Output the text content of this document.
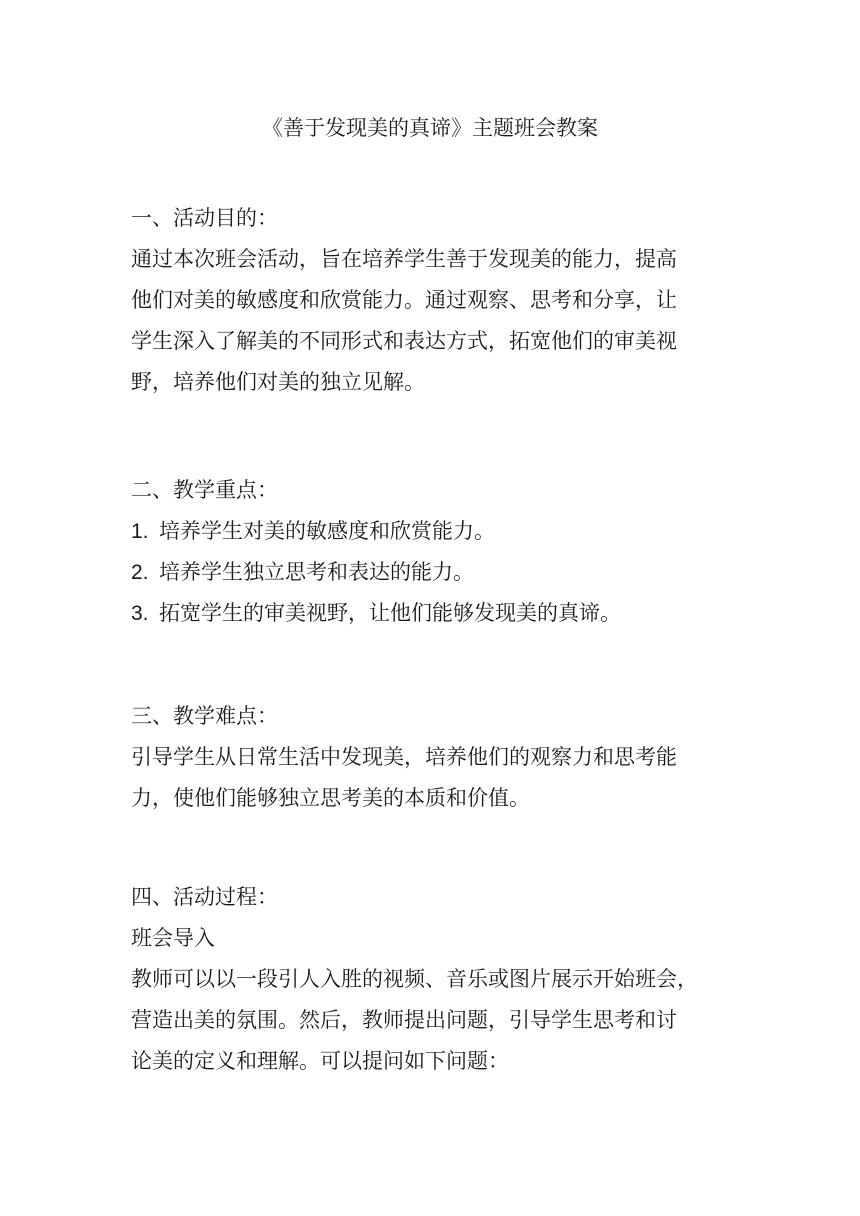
《善于发现美的真谛》主题班会教案

一、活动目的：

通过本次班会活动，旨在培养学生善于发现美的能力，提高

他们对美的敏感度和欣赏能力。通过观察、思考和分享，让

学生深入了解美的不同形式和表达方式，拓宽他们的审美视

野，培养他们对美的独立见解。

二、教学重点：

1. 培养学生对美的敏感度和欣赏能力。

2. 培养学生独立思考和表达的能力。

3. 拓宽学生的审美视野，让他们能够发现美的真谛。

三、教学难点：

引导学生从日常生活中发现美，培养他们的观察力和思考能

力，使他们能够独立思考美的本质和价值。

四、活动过程：

班会导入

教师可以以一段引人入胜的视频、音乐或图片展示开始班会，

营造出美的氛围。然后，教师提出问题，引导学生思考和讨

论美的定义和理解。可以提问如下问题：
